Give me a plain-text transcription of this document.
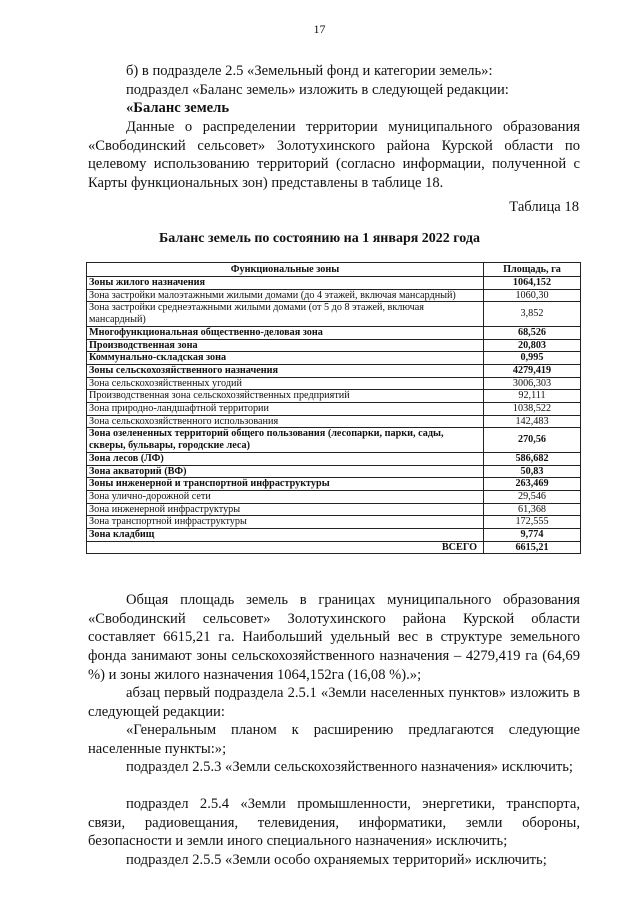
17
б) в подразделе 2.5 «Земельный фонд и категории земель»:
подраздел «Баланс земель» изложить в следующей редакции:
«Баланс земель
Данные о распределении территории муниципального образования «Свободинский сельсовет» Золотухинского района Курской области по целевому использованию территорий (согласно информации, полученной с Карты функциональных зон) представлены в таблице 18.
Таблица 18
Баланс земель по состоянию на 1 января 2022 года
Функциональные зоны	Площадь, га
Зоны жилого назначения	1064,152
Зона застройки малоэтажными жилыми домами (до 4 этажей, включая мансардный)	1060,30
Зона застройки среднеэтажными жилыми домами (от 5 до 8 этажей, включая мансардный)	3,852
Многофункциональная общественно-деловая зона	68,526
Производственная зона	20,803
Коммунально-складская зона	0,995
Зоны сельскохозяйственного назначения	4279,419
Зона сельскохозяйственных угодий	3006,303
Производственная зона сельскохозяйственных предприятий	92,111
Зона природно-ландшафтной территории	1038,522
Зона сельскохозяйственного использования	142,483
Зона озелененных территорий общего пользования (лесопарки, парки, сады, скверы, бульвары, городские леса)	270,56
Зона лесов (ЛФ)	586,682
Зона акваторий (ВФ)	50,83
Зоны инженерной и транспортной инфраструктуры	263,469
Зона улично-дорожной сети	29,546
Зона инженерной инфраструктуры	61,368
Зона транспортной инфраструктуры	172,555
Зона кладбищ	9,774
ВСЕГО	6615,21
Общая площадь земель в границах муниципального образования «Свободинский сельсовет» Золотухинского района Курской области составляет 6615,21 га. Наибольший удельный вес в структуре земельного фонда занимают зоны сельскохозяйственного назначения – 4279,419 га (64,69 %) и зоны жилого назначения 1064,152га (16,08 %).»;
абзац первый подраздела 2.5.1 «Земли населенных пунктов» изложить в следующей редакции:
«Генеральным планом к расширению предлагаются следующие населенные пункты:»;
подраздел 2.5.3 «Земли сельскохозяйственного назначения» исключить;
подраздел 2.5.4 «Земли промышленности, энергетики, транспорта, связи, радиовещания, телевидения, информатики, земли обороны, безопасности и земли иного специального назначения» исключить;
подраздел 2.5.5 «Земли особо охраняемых территорий» исключить;
